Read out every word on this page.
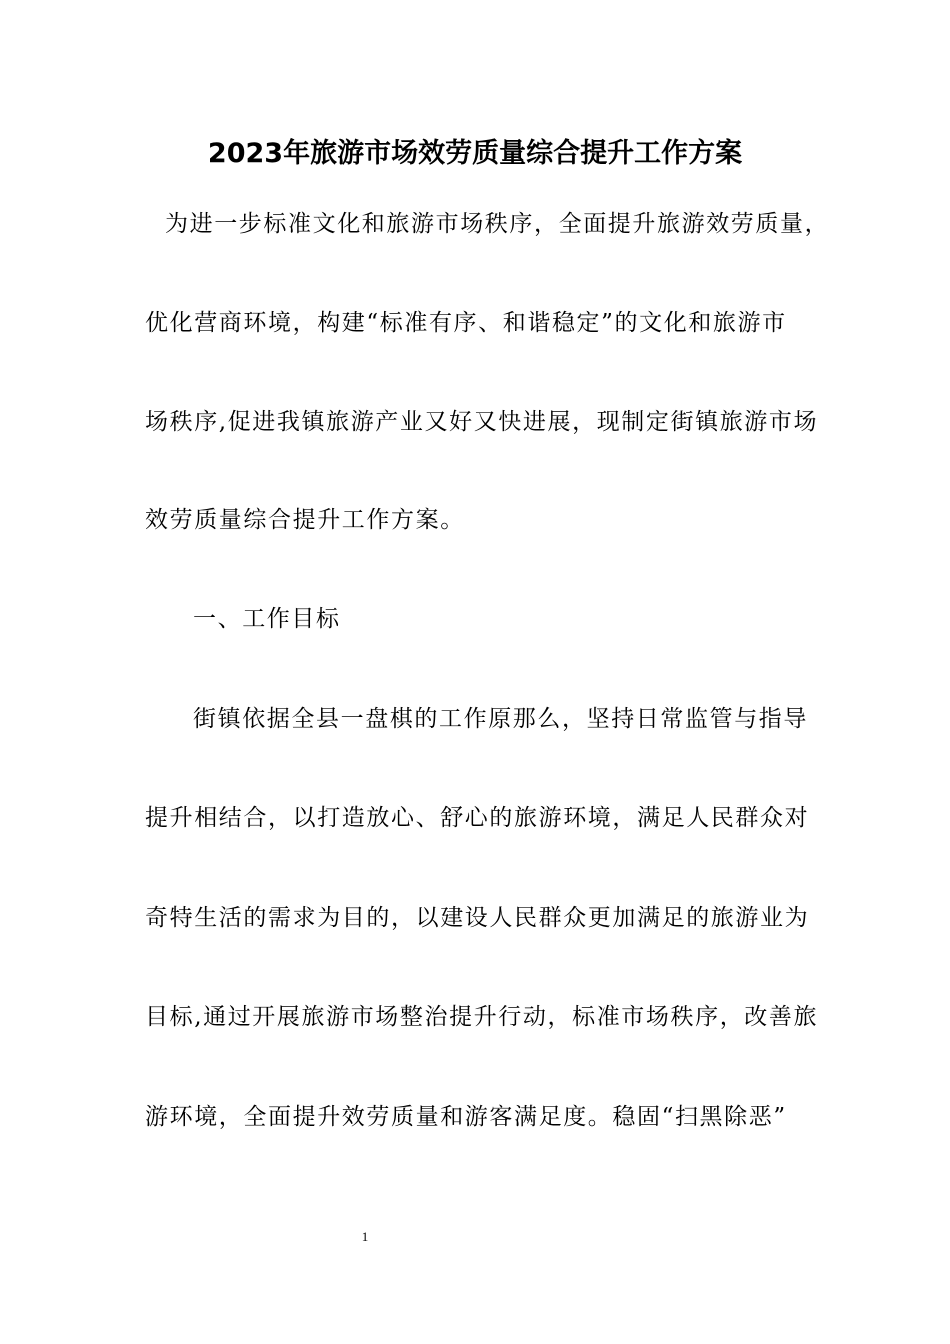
2023年旅游市场效劳质量综合提升工作方案
为进一步标准文化和旅游市场秩序，全面提升旅游效劳质量，
优化营商环境，构建“标准有序、和谐稳定”的文化和旅游市
场秩序,促进我镇旅游产业又好又快进展，现制定街镇旅游市场
效劳质量综合提升工作方案。
一、工作目标
街镇依据全县一盘棋的工作原那么，坚持日常监管与指导
提升相结合，以打造放心、舒心的旅游环境，满足人民群众对
奇特生活的需求为目的，以建设人民群众更加满足的旅游业为
目标,通过开展旅游市场整治提升行动，标准市场秩序，改善旅
游环境，全面提升效劳质量和游客满足度。稳固“扫黑除恶”
1
